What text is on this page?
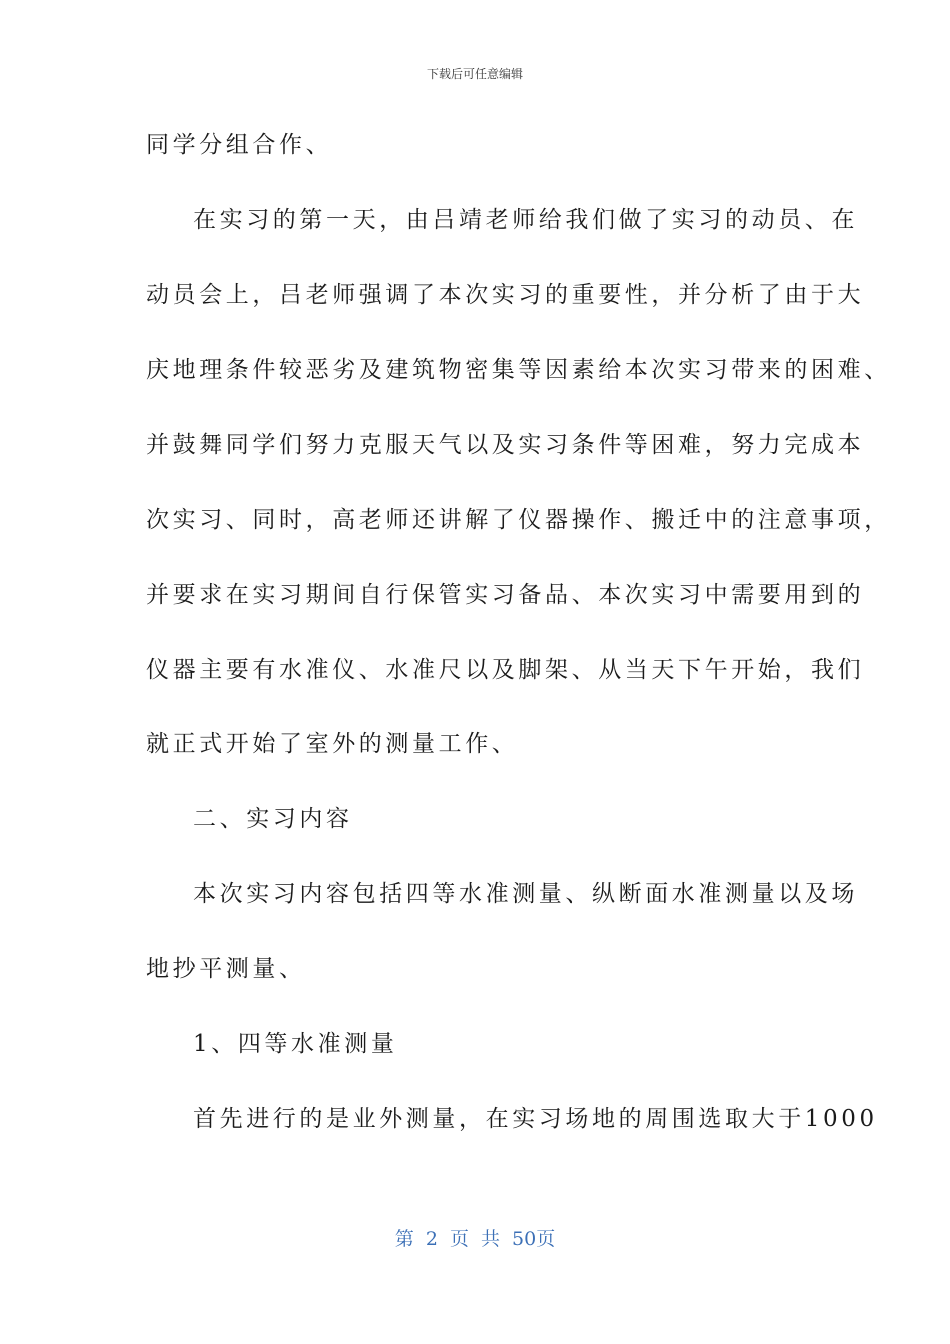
下载后可任意编辑
同学分组合作、
在实习的第一天，由吕靖老师给我们做了实习的动员、在
动员会上，吕老师强调了本次实习的重要性，并分析了由于大
庆地理条件较恶劣及建筑物密集等因素给本次实习带来的困难、
并鼓舞同学们努力克服天气以及实习条件等困难，努力完成本
次实习、同时，高老师还讲解了仪器操作、搬迁中的注意事项，
并要求在实习期间自行保管实习备品、本次实习中需要用到的
仪器主要有水准仪、水准尺以及脚架、从当天下午开始，我们
就正式开始了室外的测量工作、
二、实习内容
本次实习内容包括四等水准测量、纵断面水准测量以及场
地抄平测量、
1、四等水准测量
首先进行的是业外测量，在实习场地的周围选取大于1000
第 2 页 共 50页
